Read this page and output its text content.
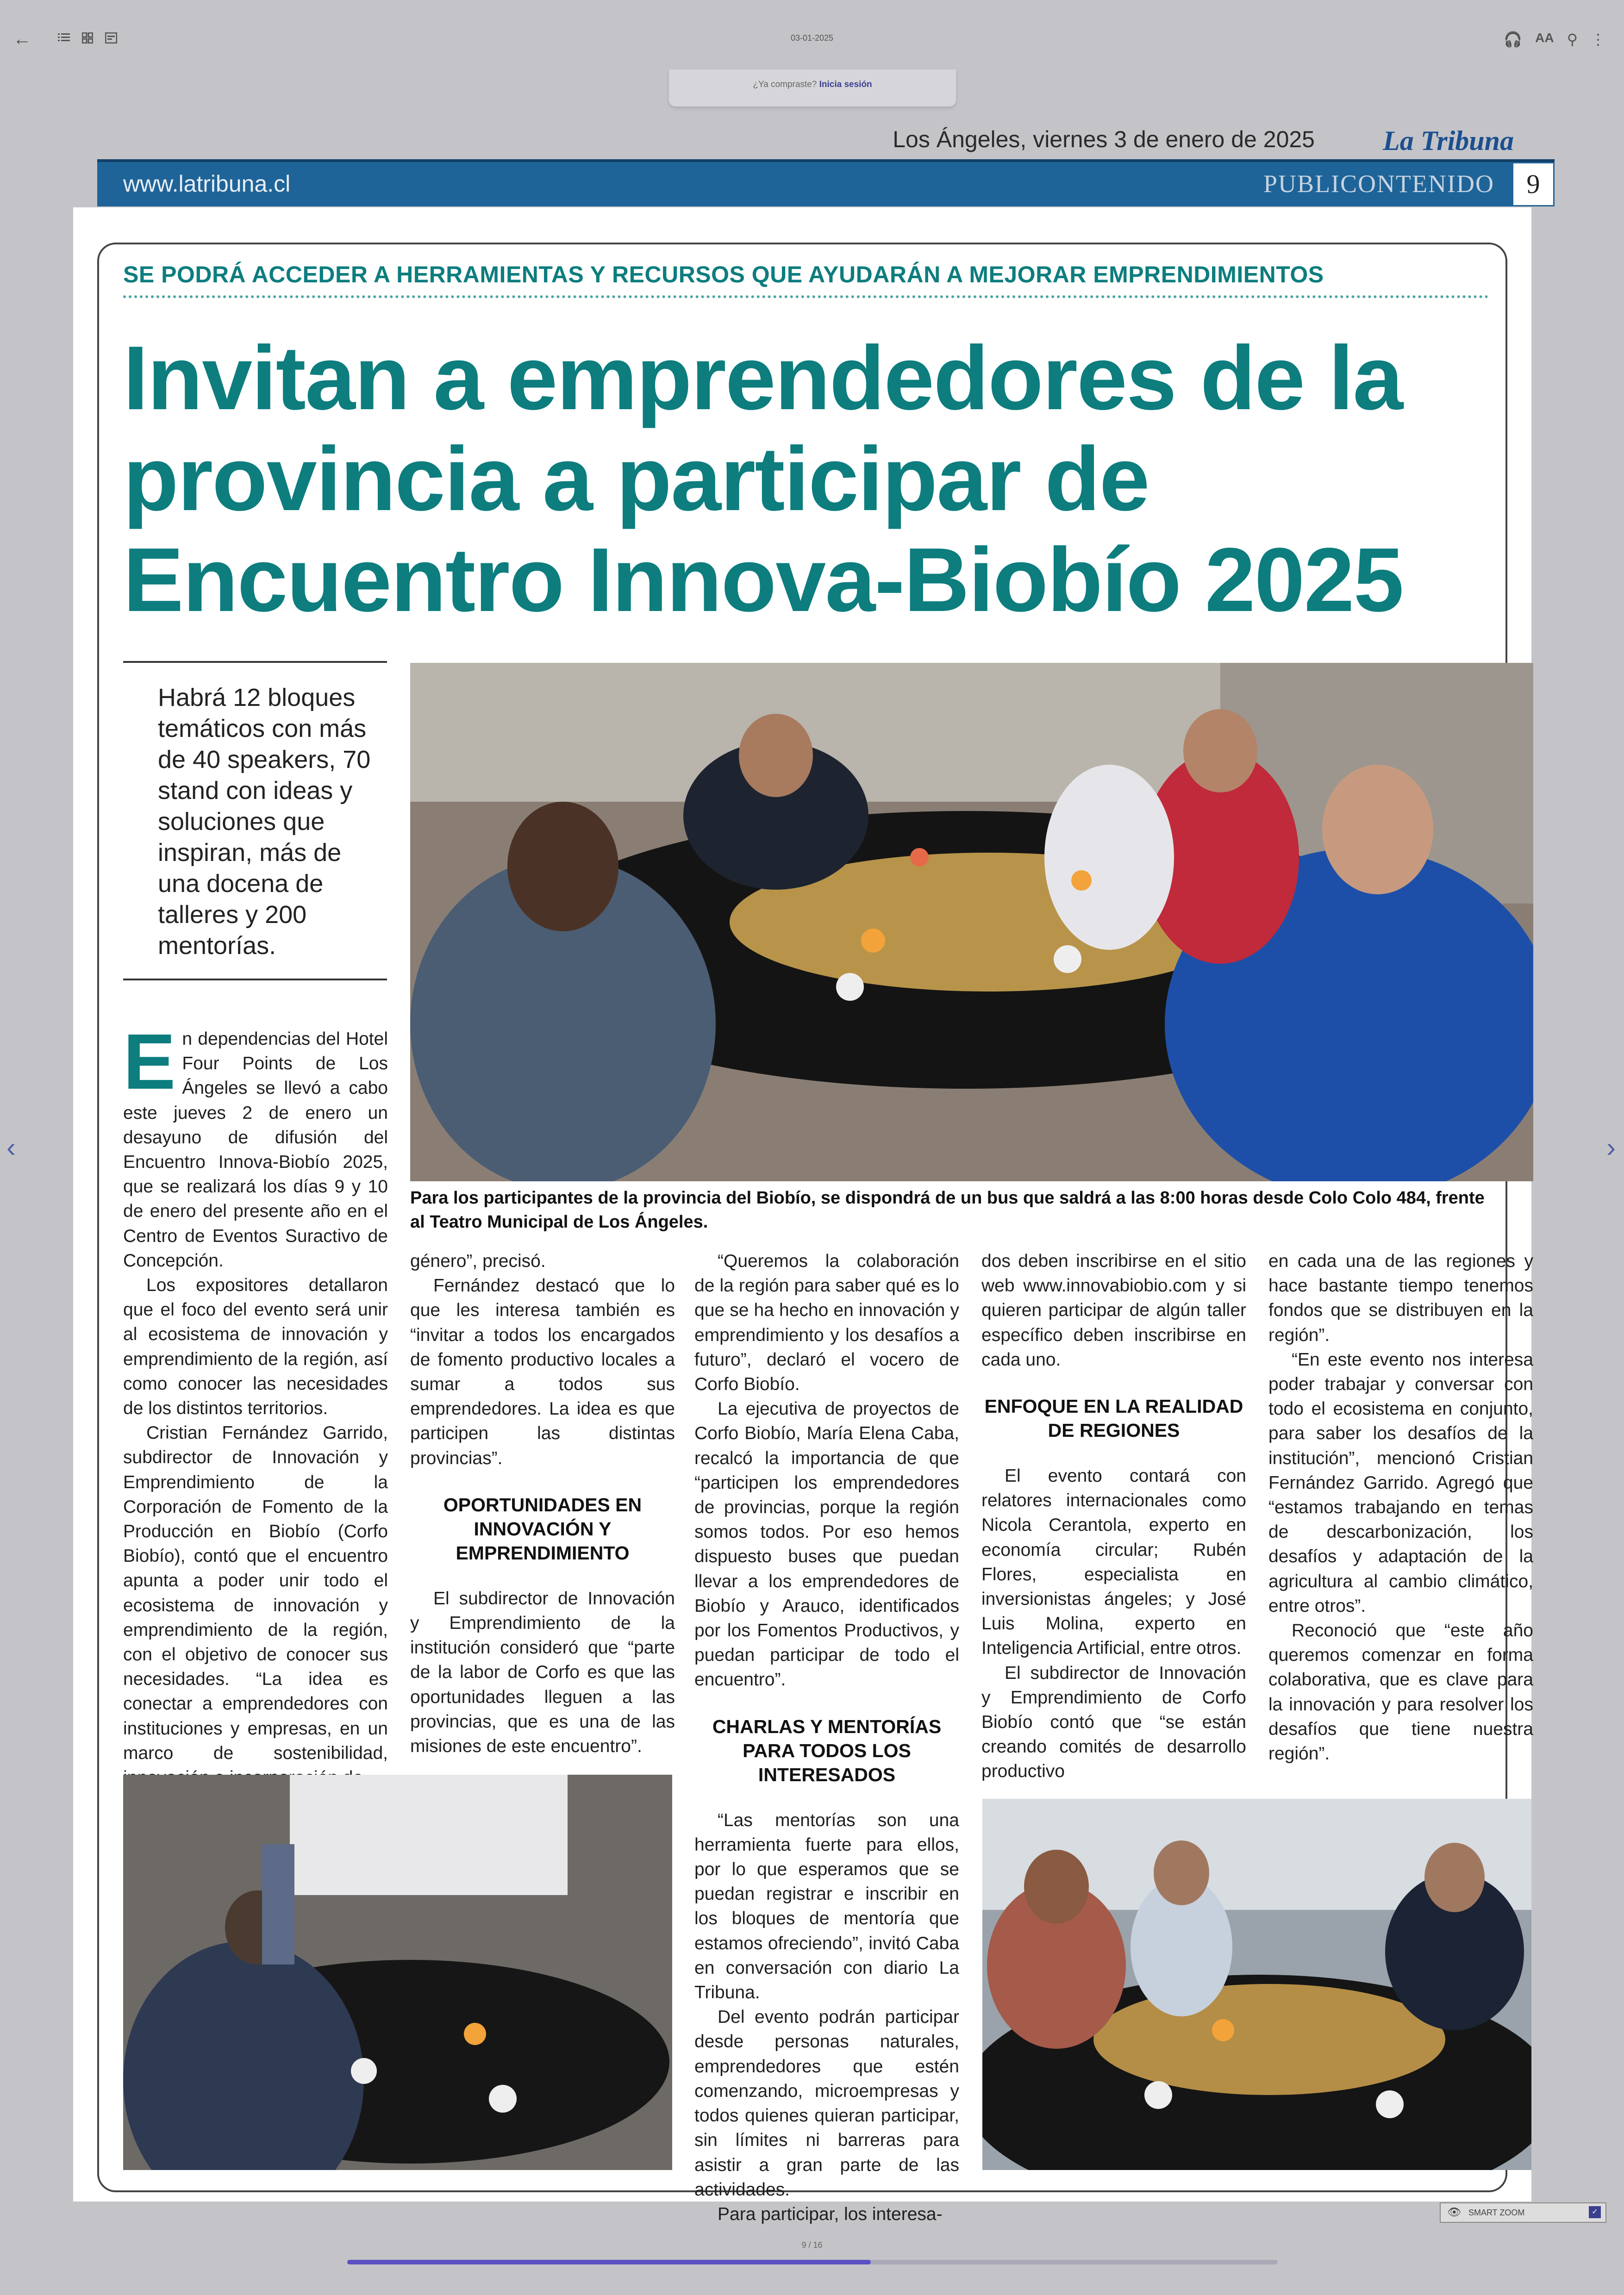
←	03-01-2025	🎧 AA ⚲ ⋮
¿Ya compraste? Inicia sesión
Los Ángeles, viernes 3 de enero de 2025 La Tribuna
www.latribuna.cl	PUBLICONTENIDO	9
SE PODRÁ ACCEDER A HERRAMIENTAS Y RECURSOS QUE AYUDARÁN A MEJORAR EMPRENDIMIENTOS
Invitan a emprendedores de la provincia a participar de Encuentro Innova-Biobío 2025
Habrá 12 bloques temáticos con más de 40 speakers, 70 stand con ideas y soluciones que inspiran, más de una docena de talleres y 200 mentorías.
Para los participantes de la provincia del Biobío, se dispondrá de un bus que saldrá a las 8:00 horas desde Colo Colo 484, frente al Teatro Municipal de Los Ángeles.

En dependencias del Hotel Four Points de Los Ángeles se llevó a cabo este jueves 2 de enero un desayuno de difusión del Encuentro Innova-Biobío 2025, que se realizará los días 9 y 10 de enero del presente año en el Centro de Eventos Suractivo de Concepción.

Los expositores detallaron que el foco del evento será unir al ecosistema de innovación y emprendimiento de la región, así como conocer las necesidades de los distintos territorios.

Cristian Fernández Garrido, subdirector de Innovación y Emprendimiento de la Corporación de Fomento de la Producción en Biobío (Corfo Biobío), contó que el encuentro apunta a poder unir todo el ecosistema de innovación y emprendimiento de la región, con el objetivo de conocer sus necesidades. “La idea es conectar a emprendedores con instituciones y empresas, en un marco de sostenibilidad,

género”, precisó.

Fernández destacó que lo que les interesa también es “invitar a todos los encargados de fomento productivo locales a sumar a todos sus emprendedores. La idea es que participen las distintas provincias”.

OPORTUNIDADES EN INNOVACIÓN Y EMPRENDIMIENTO

El subdirector de Innovación y Emprendimiento de la institución consideró que “parte de la labor de Corfo es que las oportunidades lleguen a las provincias, que es una de las misiones de este encuentro”.

“Queremos la colaboración de la región para saber qué es lo que se ha hecho en innovación y emprendimiento y los desafíos a futuro”, declaró el vocero de Corfo Biobío.

La ejecutiva de proyectos de Corfo Biobío, María Elena Caba, recalcó la importancia de que “participen los emprendedores de provincias, porque la región somos todos. Por eso hemos dispuesto buses que puedan llevar a los emprendedores de Biobío y Arauco, identificados por los Fomentos Productivos, y puedan participar de todo el encuentro”.

CHARLAS Y MENTORÍAS PARA TODOS LOS INTERESADOS

“Las mentorías son una herramienta fuerte para ellos, por lo que esperamos que se puedan registrar e inscribir en los bloques de mentoría que estamos ofreciendo”, invitó Caba en conversación con diario La Tribuna.

Del evento podrán participar desde personas naturales, emprendedores que estén comenzando, microempresas y todos quienes quieran participar, sin límites ni barreras para asistir a gran parte de las actividades.

Para participar, los interesa-

dos deben inscribirse en el sitio web www.innovabiobio.com y si quieren participar de algún taller específico deben inscribirse en cada uno.

ENFOQUE EN LA REALIDAD DE REGIONES

El evento contará con relatores internacionales como Nicola Cerantola, experto en economía circular; Rubén Flores, especialista en inversionistas ángeles; y José Luis Molina, experto en Inteligencia Artificial, entre otros.

El subdirector de Innovación y Emprendimiento de Corfo Biobío contó que “se están creando comités de desarrollo productivo

en cada una de las regiones y hace bastante tiempo tenemos fondos que se distribuyen en la región”.

“En este evento nos interesa poder trabajar y conversar con todo el ecosistema en conjunto, para saber los desafíos de la institución”, mencionó Cristian Fernández Garrido. Agregó que “estamos trabajando en temas de descarbonización, los desafíos y adaptación de la agricultura al cambio climático, entre otros”.

Reconoció que “este año queremos comenzar en forma colaborativa, que es clave para la innovación y para resolver los desafíos que tiene nuestra región”.

‹	›
👁 SMART ZOOM	✓
9 / 16
